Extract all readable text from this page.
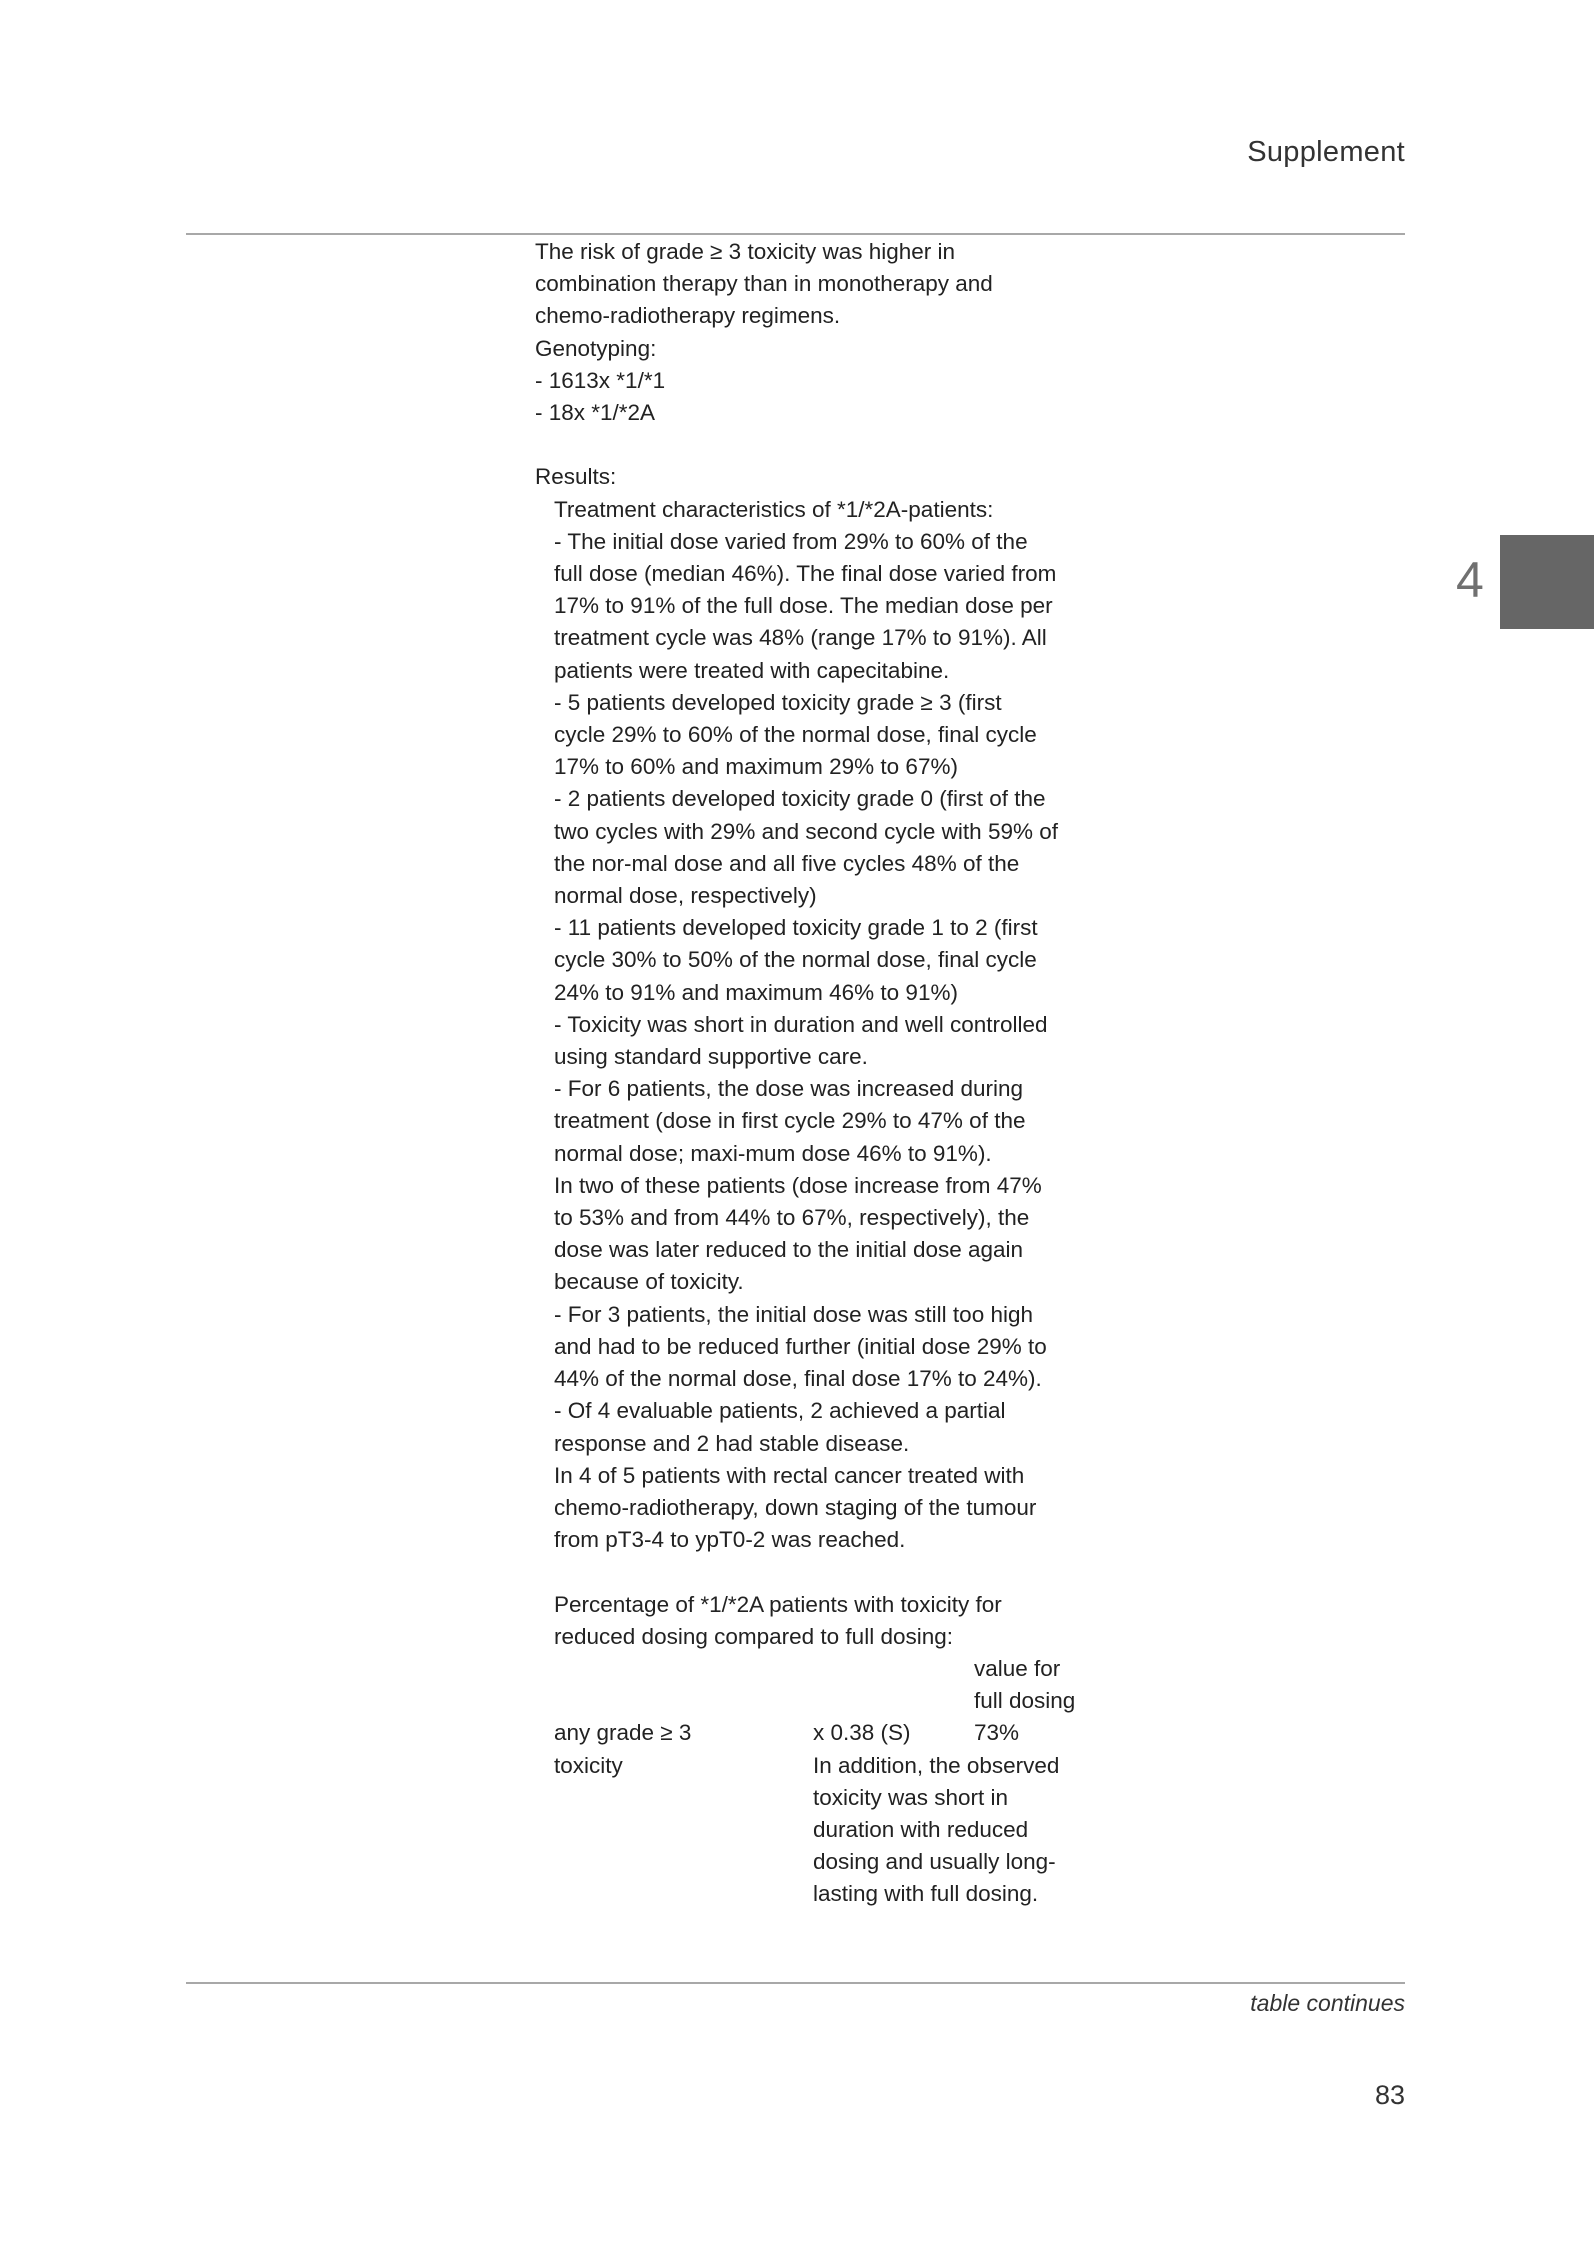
Supplement
4
The risk of grade ≥ 3 toxicity was higher in
combination therapy than in monotherapy and
chemo-radiotherapy regimens.
Genotyping:
- 1613x *1/*1
- 18x *1/*2A
Results:
Treatment characteristics of *1/*2A-patients:
- The initial dose varied from 29% to 60% of the
full dose (median 46%). The final dose varied from
17% to 91% of the full dose. The median dose per
treatment cycle was 48% (range 17% to 91%). All
patients were treated with capecitabine.
- 5 patients developed toxicity grade ≥ 3 (first
cycle 29% to 60% of the normal dose, final cycle
17% to 60% and maximum 29% to 67%)
- 2 patients developed toxicity grade 0 (first of the
two cycles with 29% and second cycle with 59% of
the nor-mal dose and all five cycles 48% of the
normal dose, respectively)
- 11 patients developed toxicity grade 1 to 2 (first
cycle 30% to 50% of the normal dose, final cycle
24% to 91% and maximum 46% to 91%)
- Toxicity was short in duration and well controlled
using standard supportive care.
- For 6 patients, the dose was increased during
treatment (dose in first cycle 29% to 47% of the
normal dose; maxi-mum dose 46% to 91%).
In two of these patients (dose increase from 47%
to 53% and from 44% to 67%, respectively), the
dose was later reduced to the initial dose again
because of toxicity.
- For 3 patients, the initial dose was still too high
and had to be reduced further (initial dose 29% to
44% of the normal dose, final dose 17% to 24%).
- Of 4 evaluable patients, 2 achieved a partial
response and 2 had stable disease.
In 4 of 5 patients with rectal cancer treated with
chemo-radiotherapy, down staging of the tumour
from pT3-4 to ypT0-2 was reached.
Percentage of *1/*2A patients with toxicity for
reduced dosing compared to full dosing:
value for
full dosing
any grade ≥ 3	x 0.38 (S)	73%
toxicity	In addition, the observed
toxicity was short in
duration with reduced
dosing and usually long-
lasting with full dosing.
table continues
83
